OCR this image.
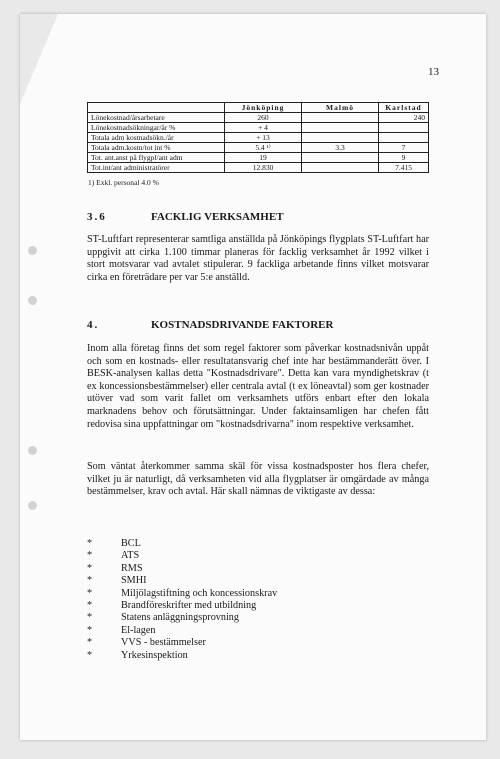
13
	Jönköping	Malmö	Karlstad
Lönekostnad/årsarbetare	260		240
Lönekostnadsökningar/år %	+ 4		
Totala adm kostnadsökn./år	+ 13		
Totala adm.kostn/tot int %	5.4 ¹⁾	3.3	7
Tot. ant.anst på flygpl/ant adm	19		9
Tot.int/ant administratörer	12.830		7.415
1) Exkl. personal 4.0 %
3.6	FACKLIG VERKSAMHET

ST-Luftfart representerar samtliga anställda på Jönköpings flygplats ST-Luftfart har uppgivit att cirka 1.100 timmar planeras för facklig verksamhet år 1992 vilket i stort motsvarar vad avtalet stipulerar. 9 fackliga arbetande finns vilket motsvarar cirka en företrädare per var 5:e anställd.

4.	KOSTNADSDRIVANDE FAKTORER

Inom alla företag finns det som regel faktorer som påverkar kostnadsnivån uppåt och som en kostnads- eller resultatansvarig chef inte har bestämmanderätt över. I BESK-analysen kallas detta "Kostnadsdrivare". Detta kan vara myndighetskrav (t ex koncessionsbestämmelser) eller centrala avtal (t ex löneavtal) som ger kostnader utöver vad som varit fallet om verksamhets utförs enbart efter den lokala marknadens behov och förutsättningar. Under faktainsamligen har chefen fått redovisa sina uppfattningar om "kostnadsdrivarna" inom respektive verksamhet.

Som väntat återkommer samma skäl för vissa kostnadsposter hos flera chefer, vilket ju är naturligt, då verksamheten vid alla flygplatser är omgärdade av många bestämmelser, krav och avtal. Här skall nämnas de viktigaste av dessa:

*	BCL
*	ATS
*	RMS
*	SMHI
*	Miljölagstiftning och koncessionskrav
*	Brandföreskrifter med utbildning
*	Statens anläggningsprovning
*	El-lagen
*	VVS - bestämmelser
*	Yrkesinspektion
